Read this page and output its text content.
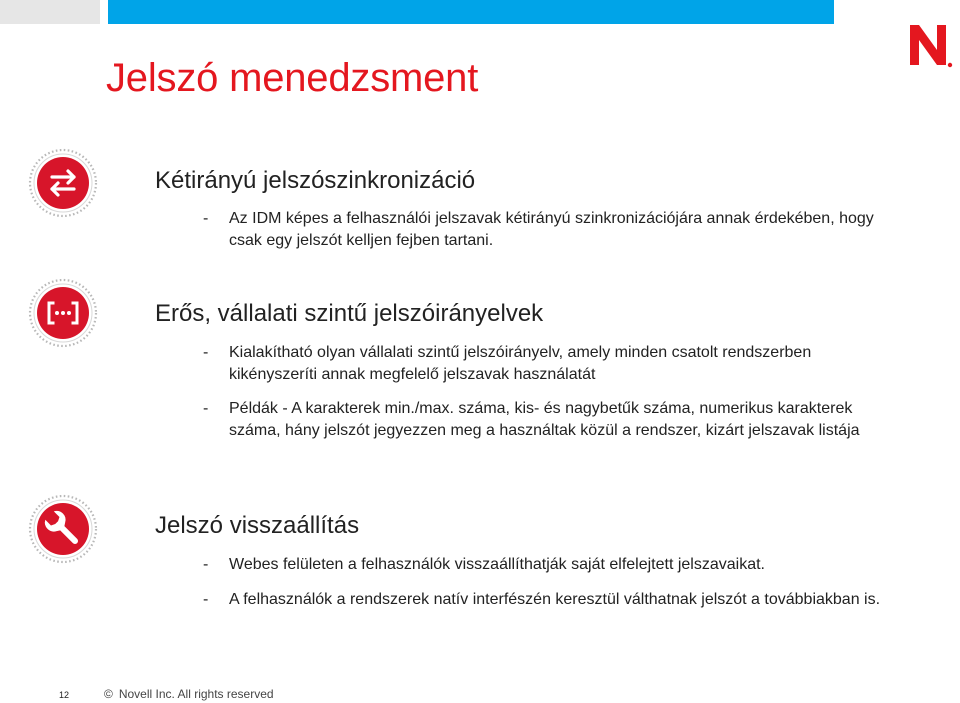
Jelszó menedzsment
Kétirányú jelszószinkronizáció
- Az IDM képes a felhasználói jelszavak kétirányú szinkronizációjára annak érdekében, hogy csak egy jelszót kelljen fejben tartani.
Erős, vállalati szintű jelszóirányelvek
- Kialakítható olyan vállalati szintű jelszóirányelv, amely minden csatolt rendszerben kikényszeríti annak megfelelő jelszavak használatát
- Példák - A karakterek min./max. száma, kis- és nagybetűk száma, numerikus karakterek száma, hány jelszót jegyezzen meg a használtak közül a rendszer, kizárt jelszavak listája
Jelszó visszaállítás
- Webes felületen a felhasználók visszaállíthatják saját elfelejtett jelszavaikat.
- A felhasználók a rendszerek natív interfészén keresztül válthatnak jelszót a továbbiakban is.
12	© Novell Inc. All rights reserved
